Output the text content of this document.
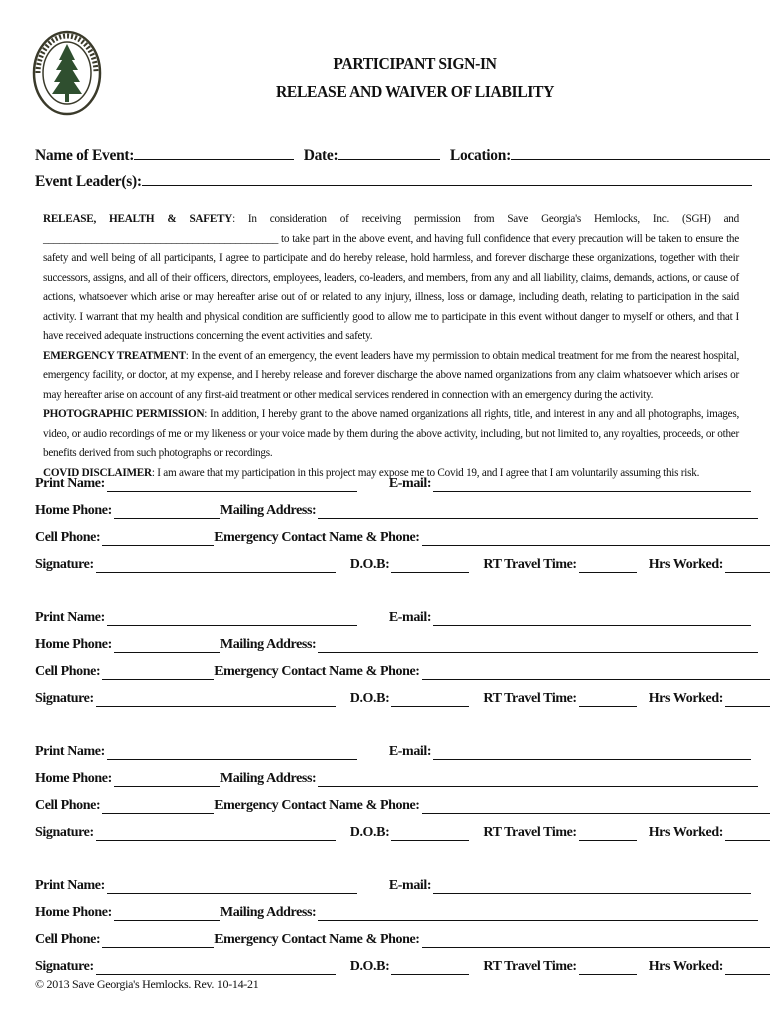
PARTICIPANT SIGN-IN
RELEASE AND WAIVER OF LIABILITY
Name of Event:	Date:	Location:
Event Leader(s):

RELEASE, HEALTH & SAFETY: In consideration of receiving permission from Save Georgia's Hemlocks, Inc. (SGH) and ____________________________________________ to take part in the above event, and having full confidence that every precaution will be taken to ensure the safety and well being of all participants, I agree to participate and do hereby release, hold harmless, and forever discharge these organizations, together with their successors, assigns, and all of their officers, directors, employees, leaders, co-leaders, and members, from any and all liability, claims, demands, actions, or cause of actions, whatsoever which arise or may hereafter arise out of or related to any injury, illness, loss or damage, including death, relating to participation in the said activity. I warrant that my health and physical condition are sufficiently good to allow me to participate in this event without danger to myself or others, and that I have received adequate instructions concerning the event activities and safety.

EMERGENCY TREATMENT: In the event of an emergency, the event leaders have my permission to obtain medical treatment for me from the nearest hospital, emergency facility, or doctor, at my expense, and I hereby release and forever discharge the above named organizations from any claim whatsoever which arises or may hereafter arise on account of any first-aid treatment or other medical services rendered in connection with an emergency during the activity.

PHOTOGRAPHIC PERMISSION: In addition, I hereby grant to the above named organizations all rights, title, and interest in any and all photographs, images, video, or audio recordings of me or my likeness or your voice made by them during the above activity, including, but not limited to, any royalties, proceeds, or other benefits derived from such photographs or recordings.

COVID DISCLAIMER: I am aware that my participation in this project may expose me to Covid 19, and I agree that I am voluntarily assuming this risk.

Print Name:	E-mail:
Home Phone:	Mailing Address:
Cell Phone:	Emergency Contact Name & Phone:
Signature:	D.O.B:	RT Travel Time:	Hrs Worked:
Print Name:	E-mail:
Home Phone:	Mailing Address:
Cell Phone:	Emergency Contact Name & Phone:
Signature:	D.O.B:	RT Travel Time:	Hrs Worked:
Print Name:	E-mail:
Home Phone:	Mailing Address:
Cell Phone:	Emergency Contact Name & Phone:
Signature:	D.O.B:	RT Travel Time:	Hrs Worked:
Print Name:	E-mail:
Home Phone:	Mailing Address:
Cell Phone:	Emergency Contact Name & Phone:
Signature:	D.O.B:	RT Travel Time:	Hrs Worked:
© 2013 Save Georgia's Hemlocks. Rev. 10-14-21
